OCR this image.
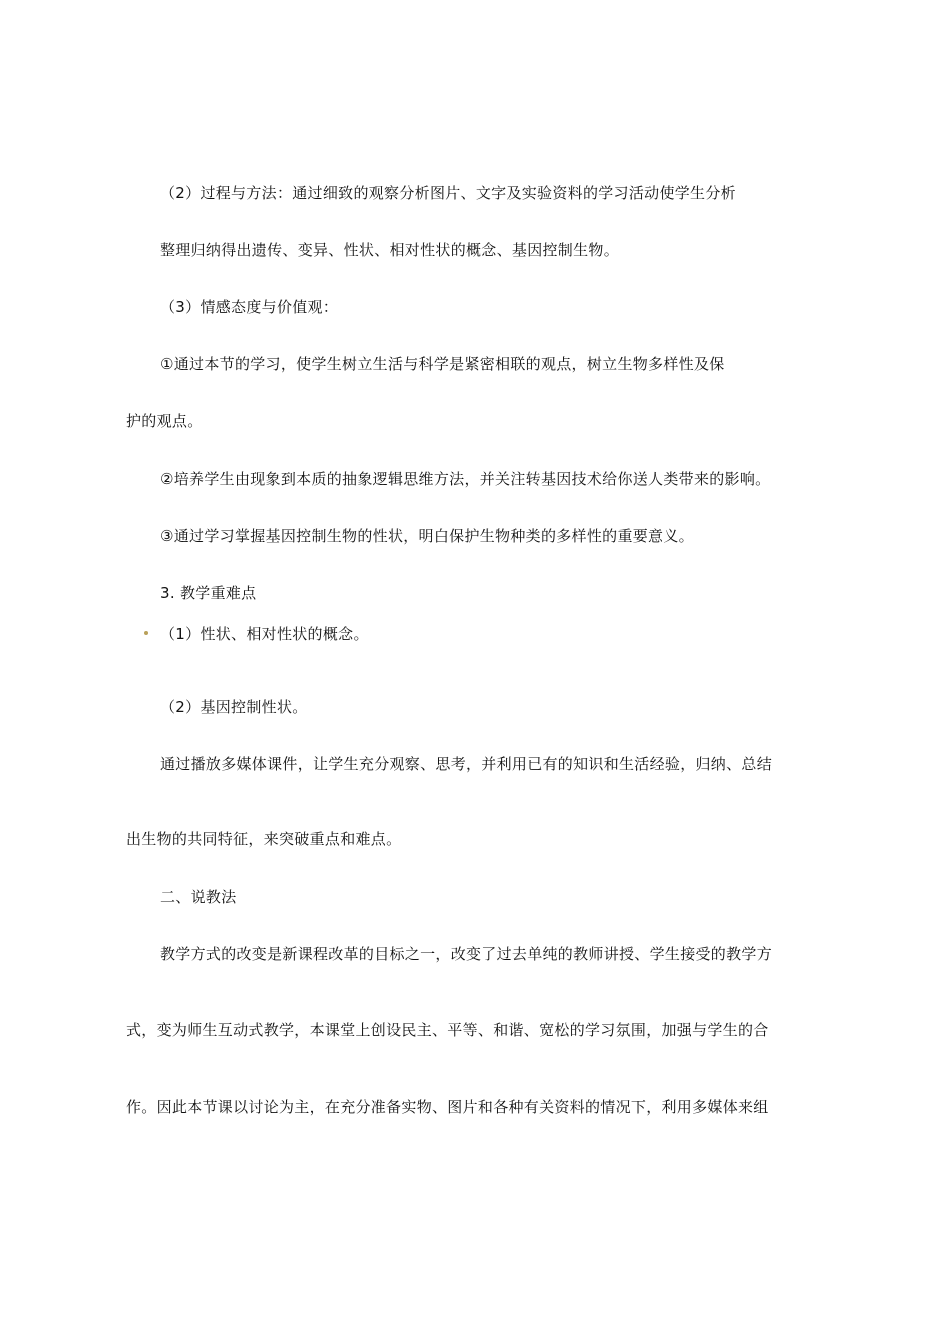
（2）过程与方法：通过细致的观察分析图片、文字及实验资料的学习活动使学生分析
整理归纳得出遗传、变异、性状、相对性状的概念、基因控制生物。
（3）情感态度与价值观：
①通过本节的学习，使学生树立生活与科学是紧密相联的观点，树立生物多样性及保
护的观点。
②培养学生由现象到本质的抽象逻辑思维方法，并关注转基因技术给你送人类带来的影响。
③通过学习掌握基因控制生物的性状，明白保护生物种类的多样性的重要意义。
3. 教学重难点
（1）性状、相对性状的概念。
（2）基因控制性状。
通过播放多媒体课件，让学生充分观察、思考，并利用已有的知识和生活经验，归纳、总结
出生物的共同特征，来突破重点和难点。
二、说教法
教学方式的改变是新课程改革的目标之一，改变了过去单纯的教师讲授、学生接受的教学方
式，变为师生互动式教学，本课堂上创设民主、平等、和谐、宽松的学习氛围，加强与学生的合
作。因此本节课以讨论为主，在充分准备实物、图片和各种有关资料的情况下，利用多媒体来组
